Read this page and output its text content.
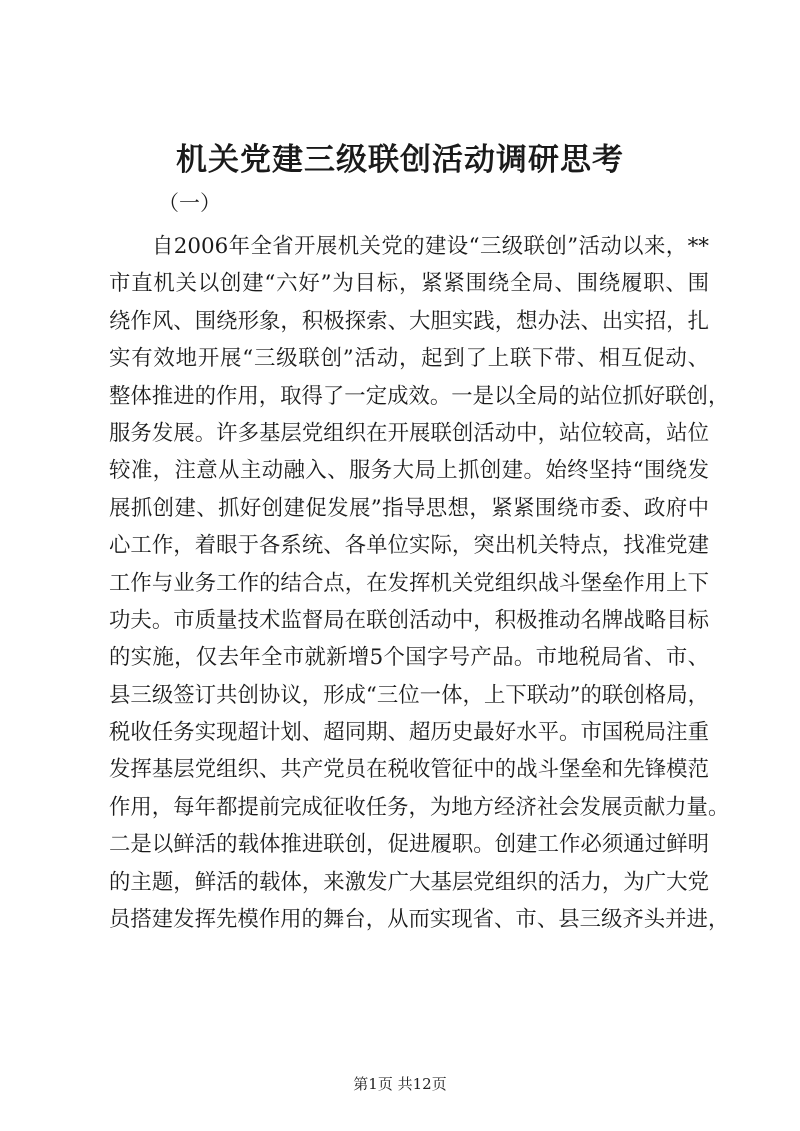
机关党建三级联创活动调研思考
（一）
自2006年全省开展机关党的建设“三级联创”活动以来，**
市直机关以创建“六好”为目标，紧紧围绕全局、围绕履职、围
绕作风、围绕形象，积极探索、大胆实践，想办法、出实招，扎
实有效地开展“三级联创”活动，起到了上联下带、相互促动、
整体推进的作用，取得了一定成效。一是以全局的站位抓好联创，
服务发展。许多基层党组织在开展联创活动中，站位较高，站位
较准，注意从主动融入、服务大局上抓创建。始终坚持“围绕发
展抓创建、抓好创建促发展”指导思想，紧紧围绕市委、政府中
心工作，着眼于各系统、各单位实际，突出机关特点，找准党建
工作与业务工作的结合点，在发挥机关党组织战斗堡垒作用上下
功夫。市质量技术监督局在联创活动中，积极推动名牌战略目标
的实施，仅去年全市就新增5个国字号产品。市地税局省、市、
县三级签订共创协议，形成“三位一体，上下联动”的联创格局，
税收任务实现超计划、超同期、超历史最好水平。市国税局注重
发挥基层党组织、共产党员在税收管征中的战斗堡垒和先锋模范
作用，每年都提前完成征收任务，为地方经济社会发展贡献力量。
二是以鲜活的载体推进联创，促进履职。创建工作必须通过鲜明
的主题，鲜活的载体，来激发广大基层党组织的活力，为广大党
员搭建发挥先模作用的舞台，从而实现省、市、县三级齐头并进，
第1页 共12页
